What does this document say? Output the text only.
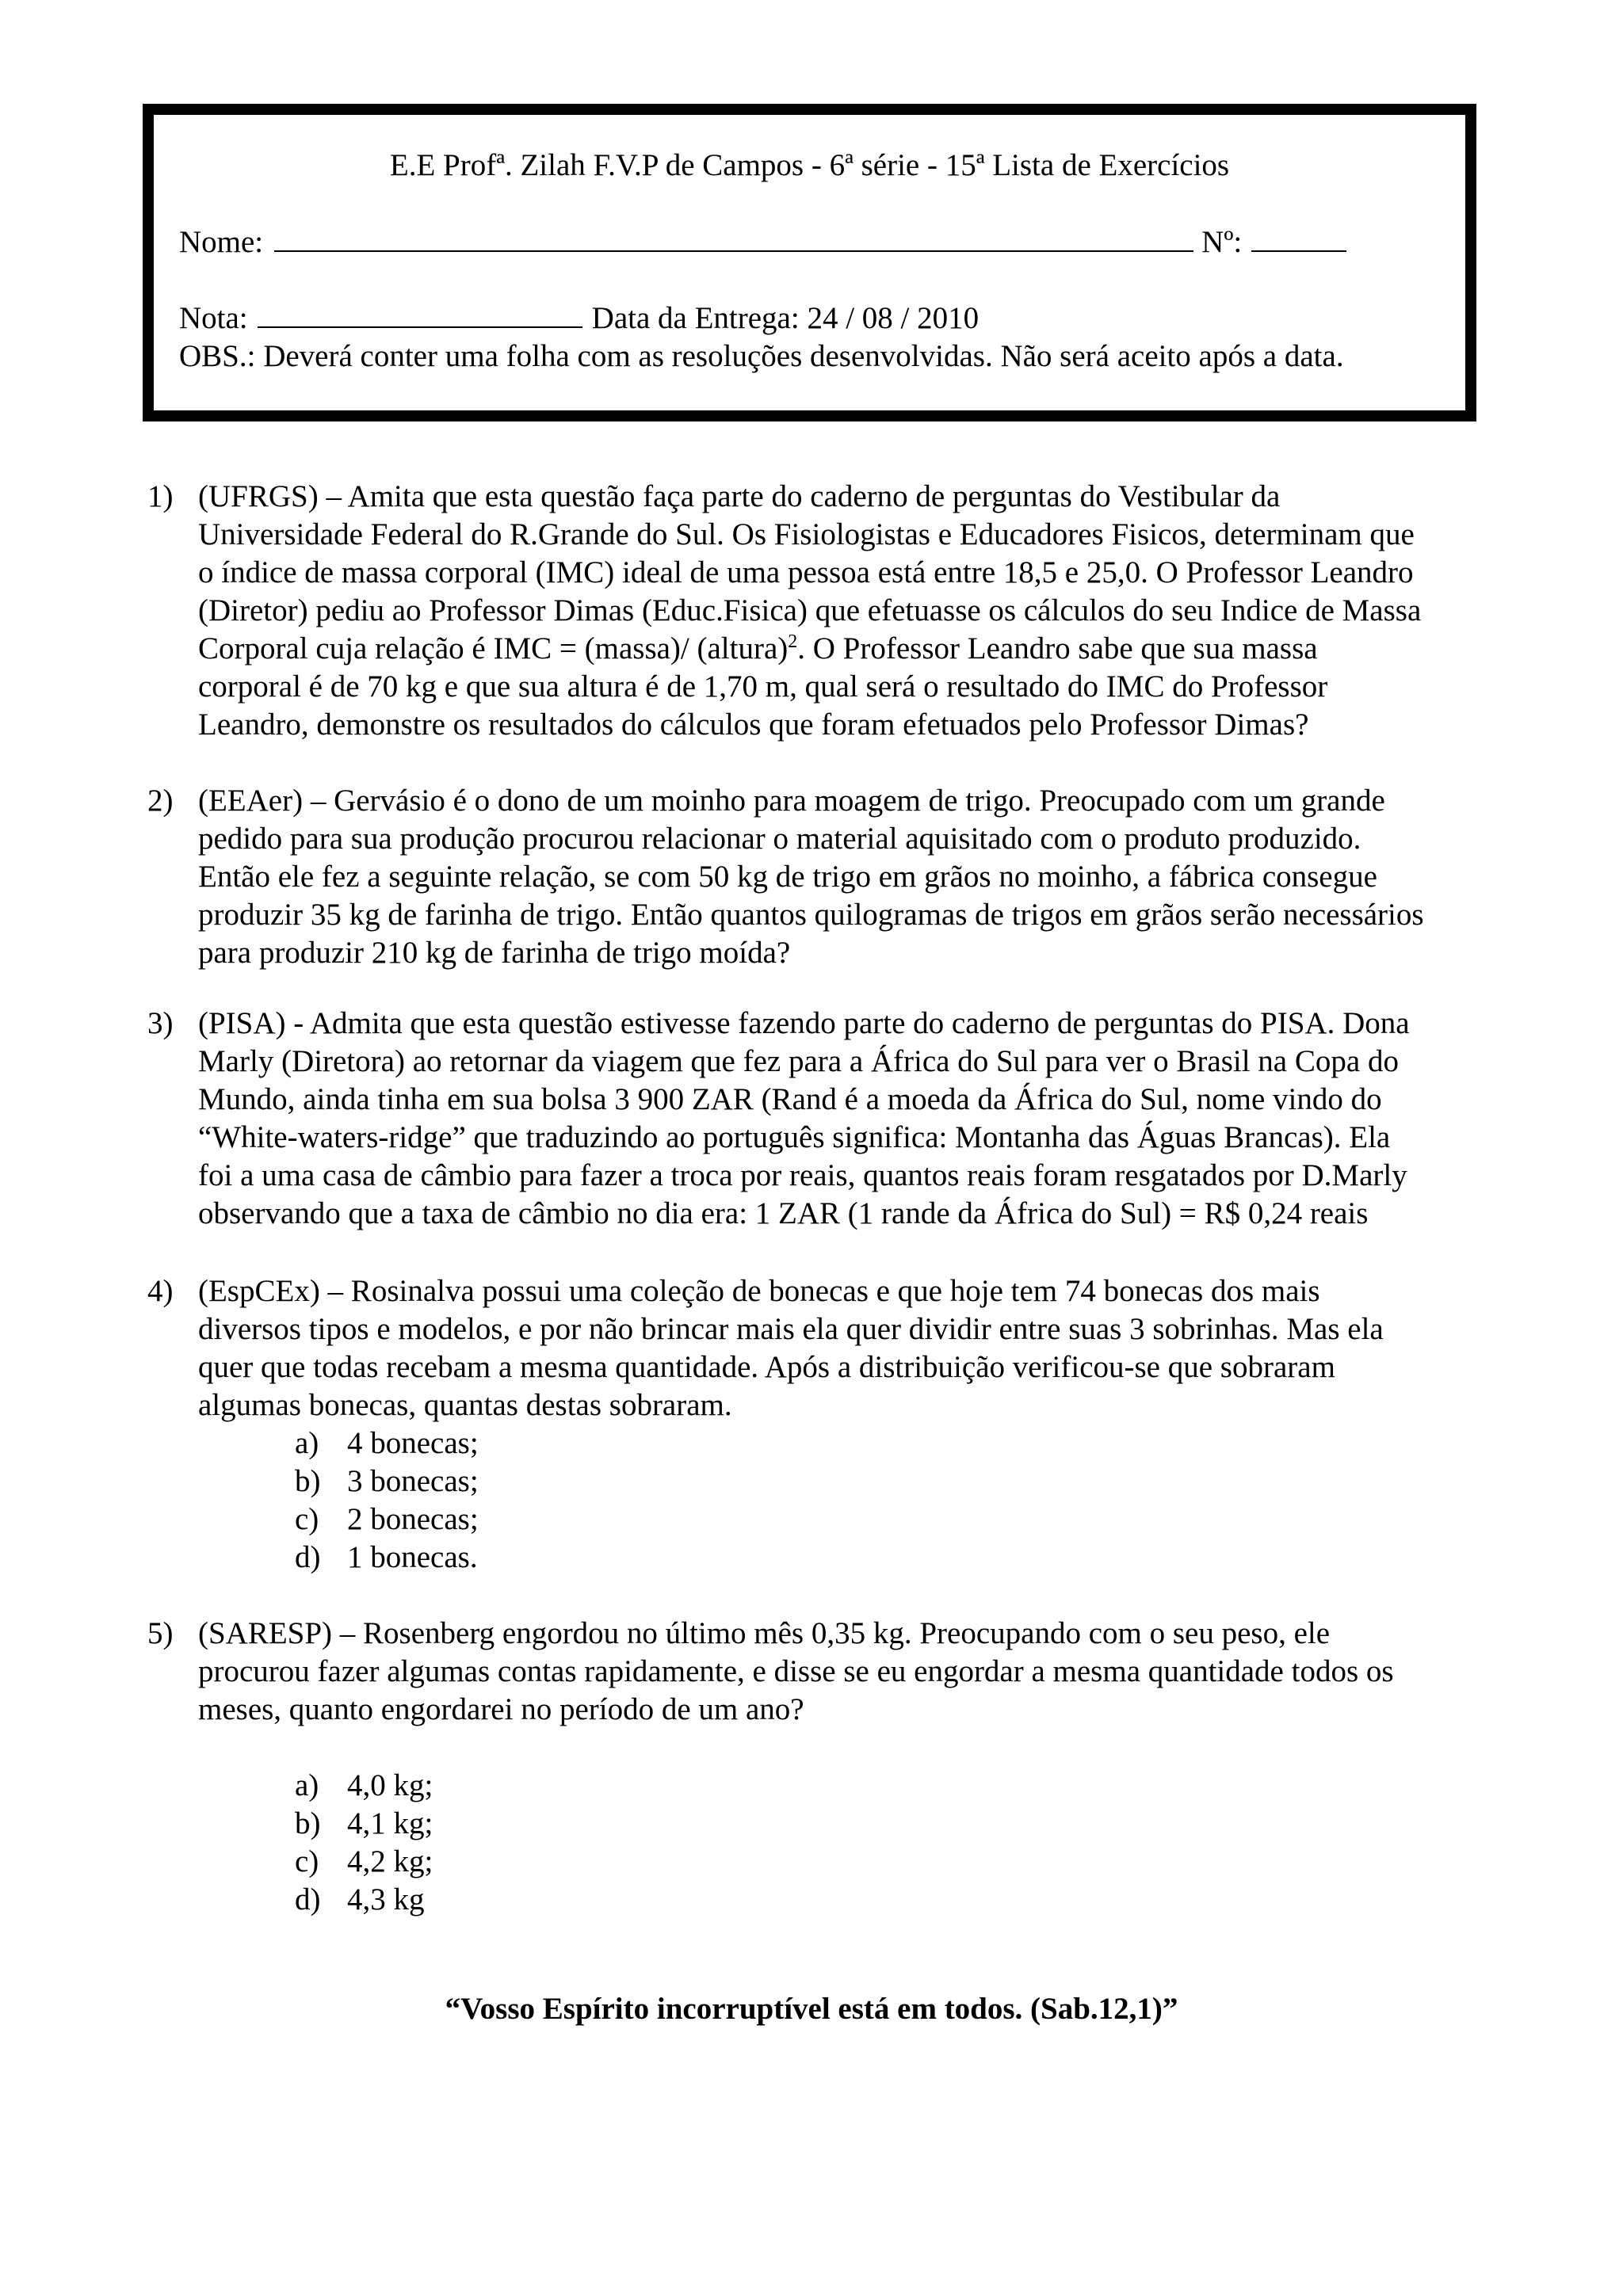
E.E Profª. Zilah F.V.P de Campos - 6ª série - 15ª Lista de Exercícios
Nome:	Nº:
Nota:	Data da Entrega: 24 / 08 / 2010
OBS.: Deverá conter uma folha com as resoluções desenvolvidas. Não será aceito após a data.
1) (UFRGS) – Amita que esta questão faça parte do caderno de perguntas do Vestibular da
Universidade Federal do R.Grande do Sul. Os Fisiologistas e Educadores Fisicos, determinam que
o índice de massa corporal (IMC) ideal de uma pessoa está entre 18,5 e 25,0. O Professor Leandro
(Diretor) pediu ao Professor Dimas (Educ.Fisica) que efetuasse os cálculos do seu Indice de Massa
Corporal cuja relação é IMC = (massa)/ (altura)$^2$. O Professor Leandro sabe que sua massa
corporal é de 70 kg e que sua altura é de 1,70 m, qual será o resultado do IMC do Professor
Leandro, demonstre os resultados do cálculos que foram efetuados pelo Professor Dimas?
2) (EEAer) – Gervásio é o dono de um moinho para moagem de trigo. Preocupado com um grande
pedido para sua produção procurou relacionar o material aquisitado com o produto produzido.
Então ele fez a seguinte relação, se com 50 kg de trigo em grãos no moinho, a fábrica consegue
produzir 35 kg de farinha de trigo. Então quantos quilogramas de trigos em grãos serão necessários
para produzir 210 kg de farinha de trigo moída?
3) (PISA) - Admita que esta questão estivesse fazendo parte do caderno de perguntas do PISA. Dona
Marly (Diretora) ao retornar da viagem que fez para a África do Sul para ver o Brasil na Copa do
Mundo, ainda tinha em sua bolsa 3 900 ZAR (Rand é a moeda da África do Sul, nome vindo do
“White-waters-ridge” que traduzindo ao português significa: Montanha das Águas Brancas). Ela
foi a uma casa de câmbio para fazer a troca por reais, quantos reais foram resgatados por D.Marly
observando que a taxa de câmbio no dia era: 1 ZAR (1 rande da África do Sul) = R$ 0,24 reais
4) (EspCEx) – Rosinalva possui uma coleção de bonecas e que hoje tem 74 bonecas dos mais
diversos tipos e modelos, e por não brincar mais ela quer dividir entre suas 3 sobrinhas. Mas ela
quer que todas recebam a mesma quantidade. Após a distribuição verificou-se que sobraram
algumas bonecas, quantas destas sobraram.
a) 4 bonecas;
b) 3 bonecas;
c) 2 bonecas;
d) 1 bonecas.
5) (SARESP) – Rosenberg engordou no último mês 0,35 kg. Preocupando com o seu peso, ele
procurou fazer algumas contas rapidamente, e disse se eu engordar a mesma quantidade todos os
meses, quanto engordarei no período de um ano?
a) 4,0 kg;
b) 4,1 kg;
c) 4,2 kg;
d) 4,3 kg
“Vosso Espírito incorruptível está em todos. (Sab.12,1)”
